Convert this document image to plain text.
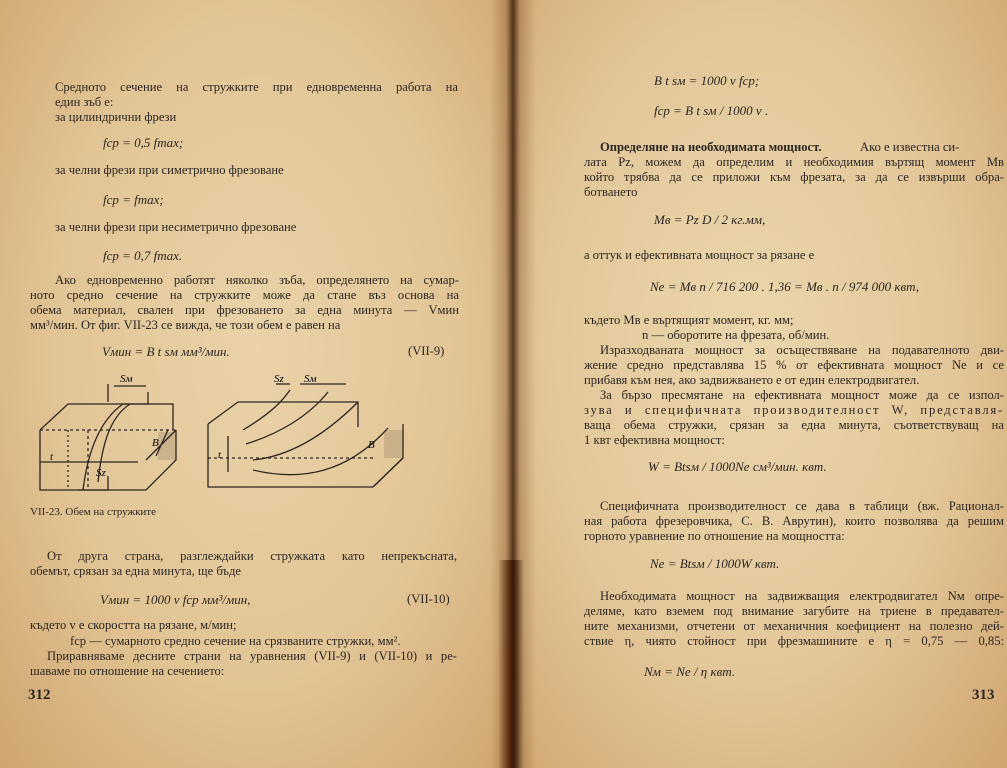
Средното сечение на стружките при едновременна работа на
един зъб е:
за цилиндрични фрези
fср = 0,5 fmax;
за челни фрези при симетрично фрезоване
fср = fmax;
за челни фрези при несиметрично фрезоване
fср = 0,7 fmax.
Ако едновременно работят няколко зъба, определянето на сумар-
ното средно сечение на стружките може да стане въз основа на
обема материал, свален при фрезоването за една минута — Vмин
мм³/мин. От фиг. VII-23 се вижда, че този обем е равен на
Vмин = B t sм мм³/мин.	(VII-9)
Sм	Sм
Sz
Sz
t	t
B	B
VII-23. Обем на стружките
От друга страна, разглеждайки стружката като непрекъсната,
обемът, срязан за една минута, ще бъде
Vмин = 1000 v fср мм³/мин,	(VII-10)
където v е скоростта на рязане, м/мин;
fср — сумарното средно сечение на срязваните стружки, мм².
Приравняваме десните страни на уравнения (VII-9) и (VII-10) и ре-
шаваме по отношение на сечението:
312
B t sм = 1000 v fср;
fср = B t sм / 1000 v .
Определяне на необходимата мощност.	Ако е известна си-
лата Pz, можем да определим и необходимия въртящ момент Mв
който трябва да се приложи към фрезата, за да се извърши обра-
ботването
Mв = Pz D / 2 кг.мм,
а оттук и ефективната мощност за рязане е
Nе = Mв n / 716 200 . 1,36 = Mв . n / 974 000 квт,
където Mв е въртящият момент, кг. мм;
n — оборотите на фрезата, об/мин.
Изразходваната мощност за осъществяване на подавателното дви-
жение средно представлява 15 % от ефективната мощност Nе и се
прибавя към нея, ако задвижването е от един електродвигател.
За бързо пресмятане на ефективната мощност може да се изпол-
зува и специфичната производителност W, представля-
ваща обема стружки, срязан за една минута, съответствуващ на
1 квт ефективна мощност:
W = Btsм / 1000Nе см³/мин. квт.
Специфичната производителност се дава в таблици (вж. Рационал-
ная работа фрезеровчика, С. В. Аврутин), които позволява да решим
горното уравнение по отношение на мощността:
Nе = Btsм / 1000W квт.
Необходимата мощност на задвижващия електродвигател Nм опре-
деляме, като вземем под внимание загубите на триене в предавател-
ните механизми, отчетени от механичния коефициент на полезно дей-
ствие η, чиято стойност при фрезмашините е η = 0,75 — 0,85:
Nм = Nе / η квт.
313
